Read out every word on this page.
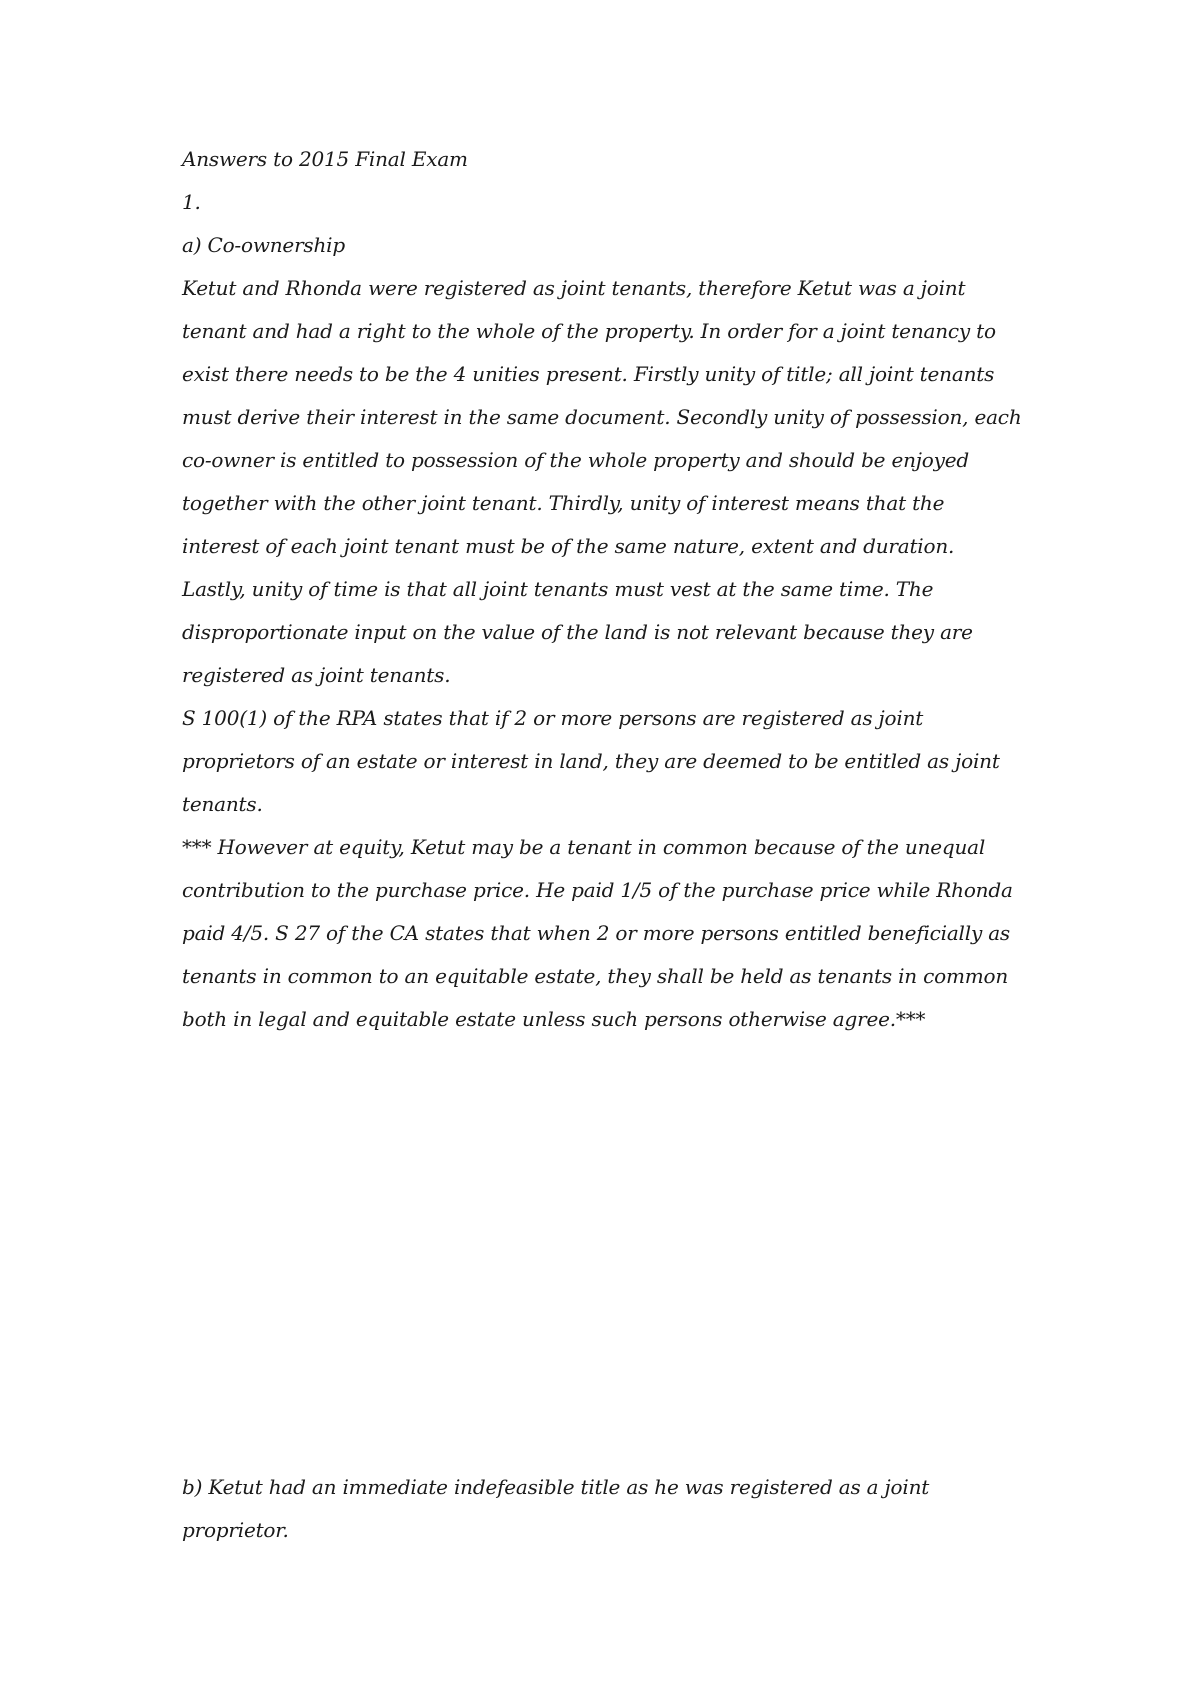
Answers to 2015 Final Exam

1.

a) Co-ownership

Ketut and Rhonda were registered as joint tenants, therefore Ketut was a joint
tenant and had a right to the whole of the property. In order for a joint tenancy to
exist there needs to be the 4 unities present. Firstly unity of title; all joint tenants
must derive their interest in the same document. Secondly unity of possession, each
co-owner is entitled to possession of the whole property and should be enjoyed
together with the other joint tenant. Thirdly, unity of interest means that the
interest of each joint tenant must be of the same nature, extent and duration.
Lastly, unity of time is that all joint tenants must vest at the same time. The
disproportionate input on the value of the land is not relevant because they are
registered as joint tenants.

S 100(1) of the RPA states that if 2 or more persons are registered as joint
proprietors of an estate or interest in land, they are deemed to be entitled as joint
tenants.

*** However at equity, Ketut may be a tenant in common because of the unequal
contribution to the purchase price. He paid 1/5 of the purchase price while Rhonda
paid 4/5. S 27 of the CA states that when 2 or more persons entitled beneficially as
tenants in common to an equitable estate, they shall be held as tenants in common
both in legal and equitable estate unless such persons otherwise agree.***

b) Ketut had an immediate indefeasible title as he was registered as a joint
proprietor.
